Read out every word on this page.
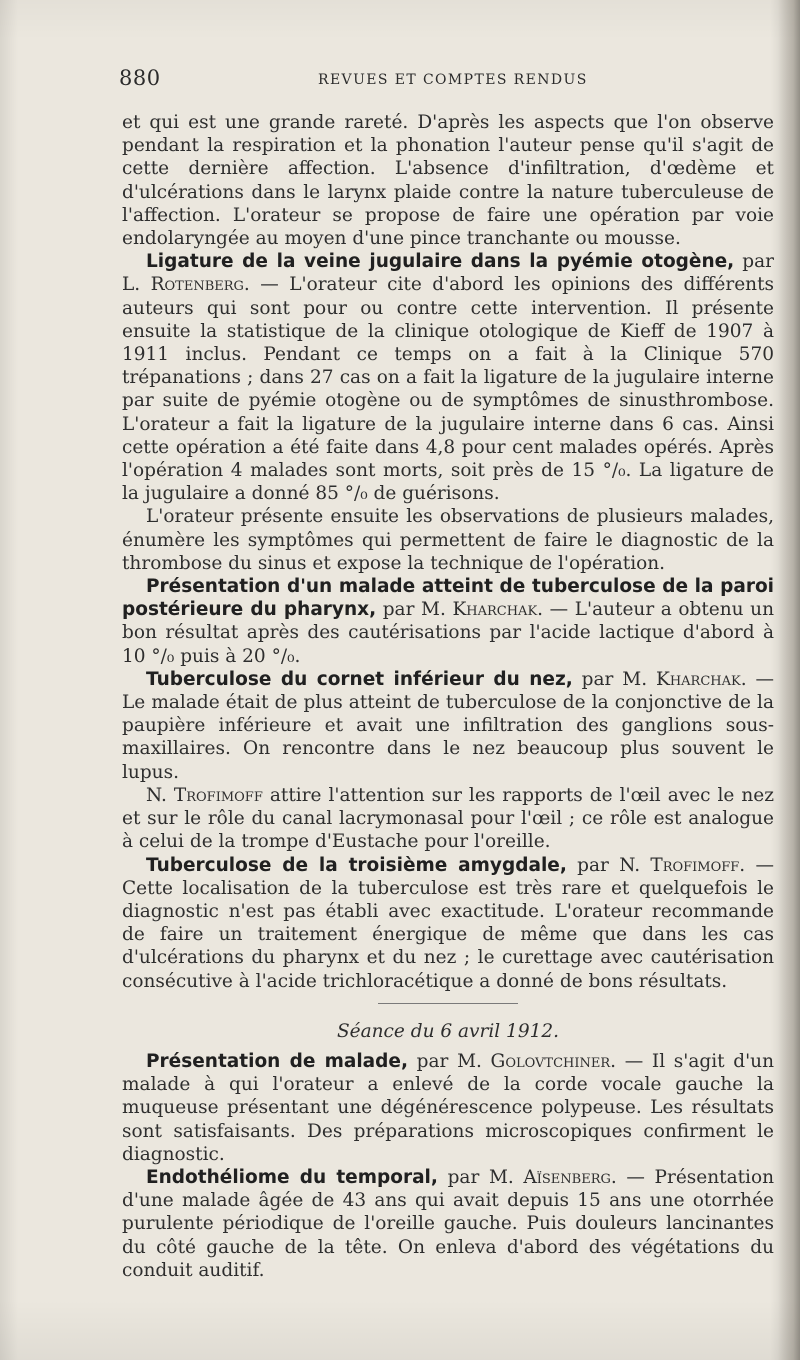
880	REVUES ET COMPTES RENDUS

et qui est une grande rareté. D'après les aspects que l'on observe pendant la respiration et la phonation l'auteur pense qu'il s'agit de cette dernière affection. L'absence d'infiltration, d'œdème et d'ulcérations dans le larynx plaide contre la nature tuberculeuse de l'affection. L'orateur se propose de faire une opération par voie endolaryngée au moyen d'une pince tranchante ou mousse.

Ligature de la veine jugulaire dans la pyémie otogène, par L. Rotenberg. — L'orateur cite d'abord les opinions des différents auteurs qui sont pour ou contre cette intervention. Il présente ensuite la statistique de la clinique otologique de Kieff de 1907 à 1911 inclus. Pendant ce temps on a fait à la Clinique 570 trépanations ; dans 27 cas on a fait la ligature de la jugulaire interne par suite de pyémie otogène ou de symptômes de sinusthrombose. L'orateur a fait la ligature de la jugulaire interne dans 6 cas. Ainsi cette opération a été faite dans 4,8 pour cent malades opérés. Après l'opération 4 malades sont morts, soit près de 15 °/₀. La ligature de la jugulaire a donné 85 °/₀ de guérisons.

L'orateur présente ensuite les observations de plusieurs malades, énumère les symptômes qui permettent de faire le diagnostic de la thrombose du sinus et expose la technique de l'opération.

Présentation d'un malade atteint de tuberculose de la paroi postérieure du pharynx, par M. Kharchak. — L'auteur a obtenu un bon résultat après des cautérisations par l'acide lactique d'abord à 10 °/₀ puis à 20 °/₀.

Tuberculose du cornet inférieur du nez, par M. Kharchak. — Le malade était de plus atteint de tuberculose de la conjonctive de la paupière inférieure et avait une infiltration des ganglions sous-maxillaires. On rencontre dans le nez beaucoup plus souvent le lupus.

N. Trofimoff attire l'attention sur les rapports de l'œil avec le nez et sur le rôle du canal lacrymonasal pour l'œil ; ce rôle est analogue à celui de la trompe d'Eustache pour l'oreille.

Tuberculose de la troisième amygdale, par N. Trofimoff. — Cette localisation de la tuberculose est très rare et quelquefois le diagnostic n'est pas établi avec exactitude. L'orateur recommande de faire un traitement énergique de même que dans les cas d'ulcérations du pharynx et du nez ; le curettage avec cautérisation consécutive à l'acide trichloracétique a donné de bons résultats.

Séance du 6 avril 1912.

Présentation de malade, par M. Golovtchiner. — Il s'agit d'un malade à qui l'orateur a enlevé de la corde vocale gauche la muqueuse présentant une dégénérescence polypeuse. Les résultats sont satisfaisants. Des préparations microscopiques confirment le diagnostic.

Endothéliome du temporal, par M. Aïsenberg. — Présentation d'une malade âgée de 43 ans qui avait depuis 15 ans une otorrhée purulente périodique de l'oreille gauche. Puis douleurs lancinantes du côté gauche de la tête. On enleva d'abord des végétations du conduit auditif.
